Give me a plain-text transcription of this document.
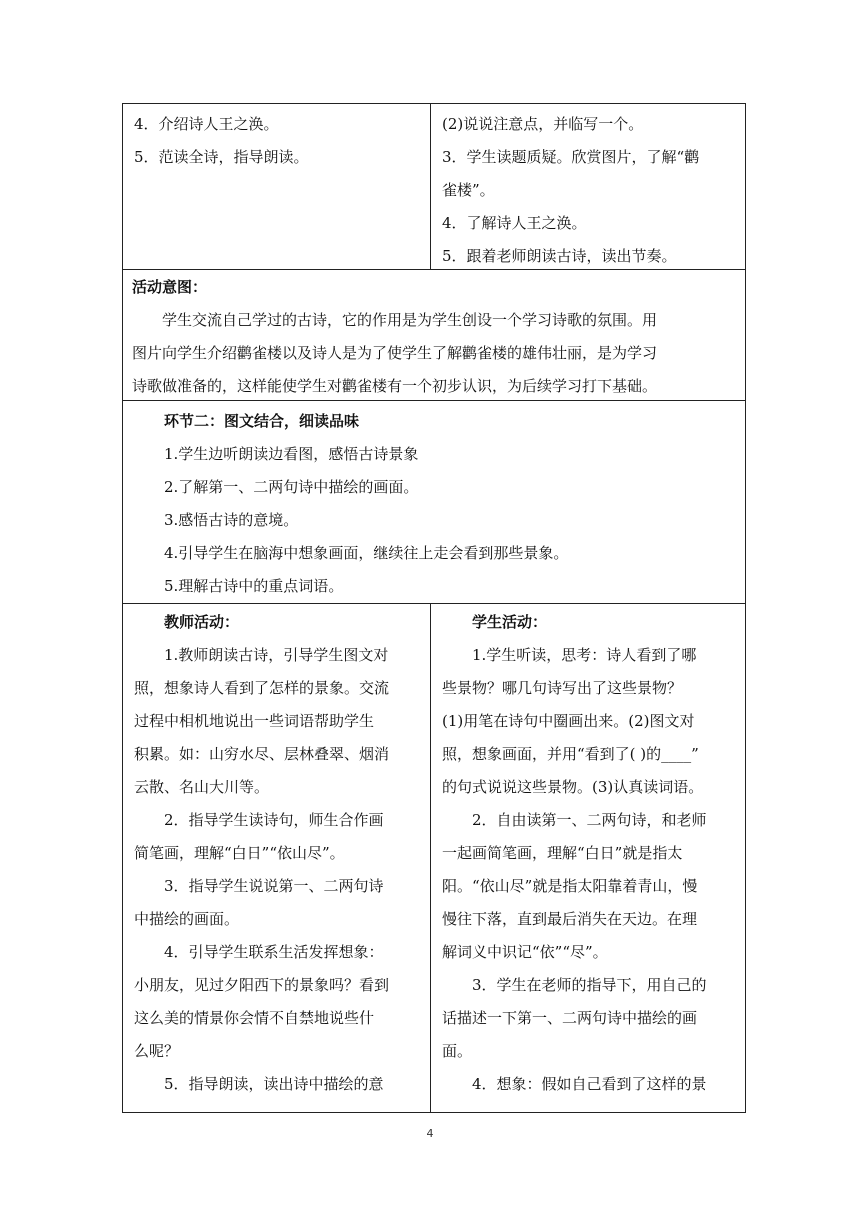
4．介绍诗人王之涣。

5．范读全诗，指导朗读。

(2)说说注意点，并临写一个。

3．学生读题质疑。欣赏图片，了解“鹳

雀楼”。

4．了解诗人王之涣。

5．跟着老师朗读古诗，读出节奏。

活动意图：

学生交流自己学过的古诗，它的作用是为学生创设一个学习诗歌的氛围。用

图片向学生介绍鹳雀楼以及诗人是为了使学生了解鹳雀楼的雄伟壮丽，是为学习

诗歌做准备的，这样能使学生对鹳雀楼有一个初步认识，为后续学习打下基础。

环节二：图文结合，细读品味

1.学生边听朗读边看图，感悟古诗景象

2.了解第一、二两句诗中描绘的画面。

3.感悟古诗的意境。

4.引导学生在脑海中想象画面，继续往上走会看到那些景象。

5.理解古诗中的重点词语。

教师活动：

1.教师朗读古诗，引导学生图文对

照，想象诗人看到了怎样的景象。交流

过程中相机地说出一些词语帮助学生

积累。如：山穷水尽、层林叠翠、烟消

云散、名山大川等。

2．指导学生读诗句，师生合作画

简笔画，理解“白日”“依山尽”。

3．指导学生说说第一、二两句诗

中描绘的画面。

4．引导学生联系生活发挥想象：

小朋友，见过夕阳西下的景象吗？看到

这么美的情景你会情不自禁地说些什

么呢？

5．指导朗读，读出诗中描绘的意

学生活动：

1.学生听读，思考：诗人看到了哪

些景物？哪几句诗写出了这些景物？

(1)用笔在诗句中圈画出来。(2)图文对

照，想象画面，并用“看到了( )的____”

的句式说说这些景物。(3)认真读词语。

2．自由读第一、二两句诗，和老师

一起画简笔画，理解“白日”就是指太

阳。“依山尽”就是指太阳靠着青山，慢

慢往下落，直到最后消失在天边。在理

解词义中识记“依”“尽”。

3．学生在老师的指导下，用自己的

话描述一下第一、二两句诗中描绘的画

面。

4．想象：假如自己看到了这样的景

4
